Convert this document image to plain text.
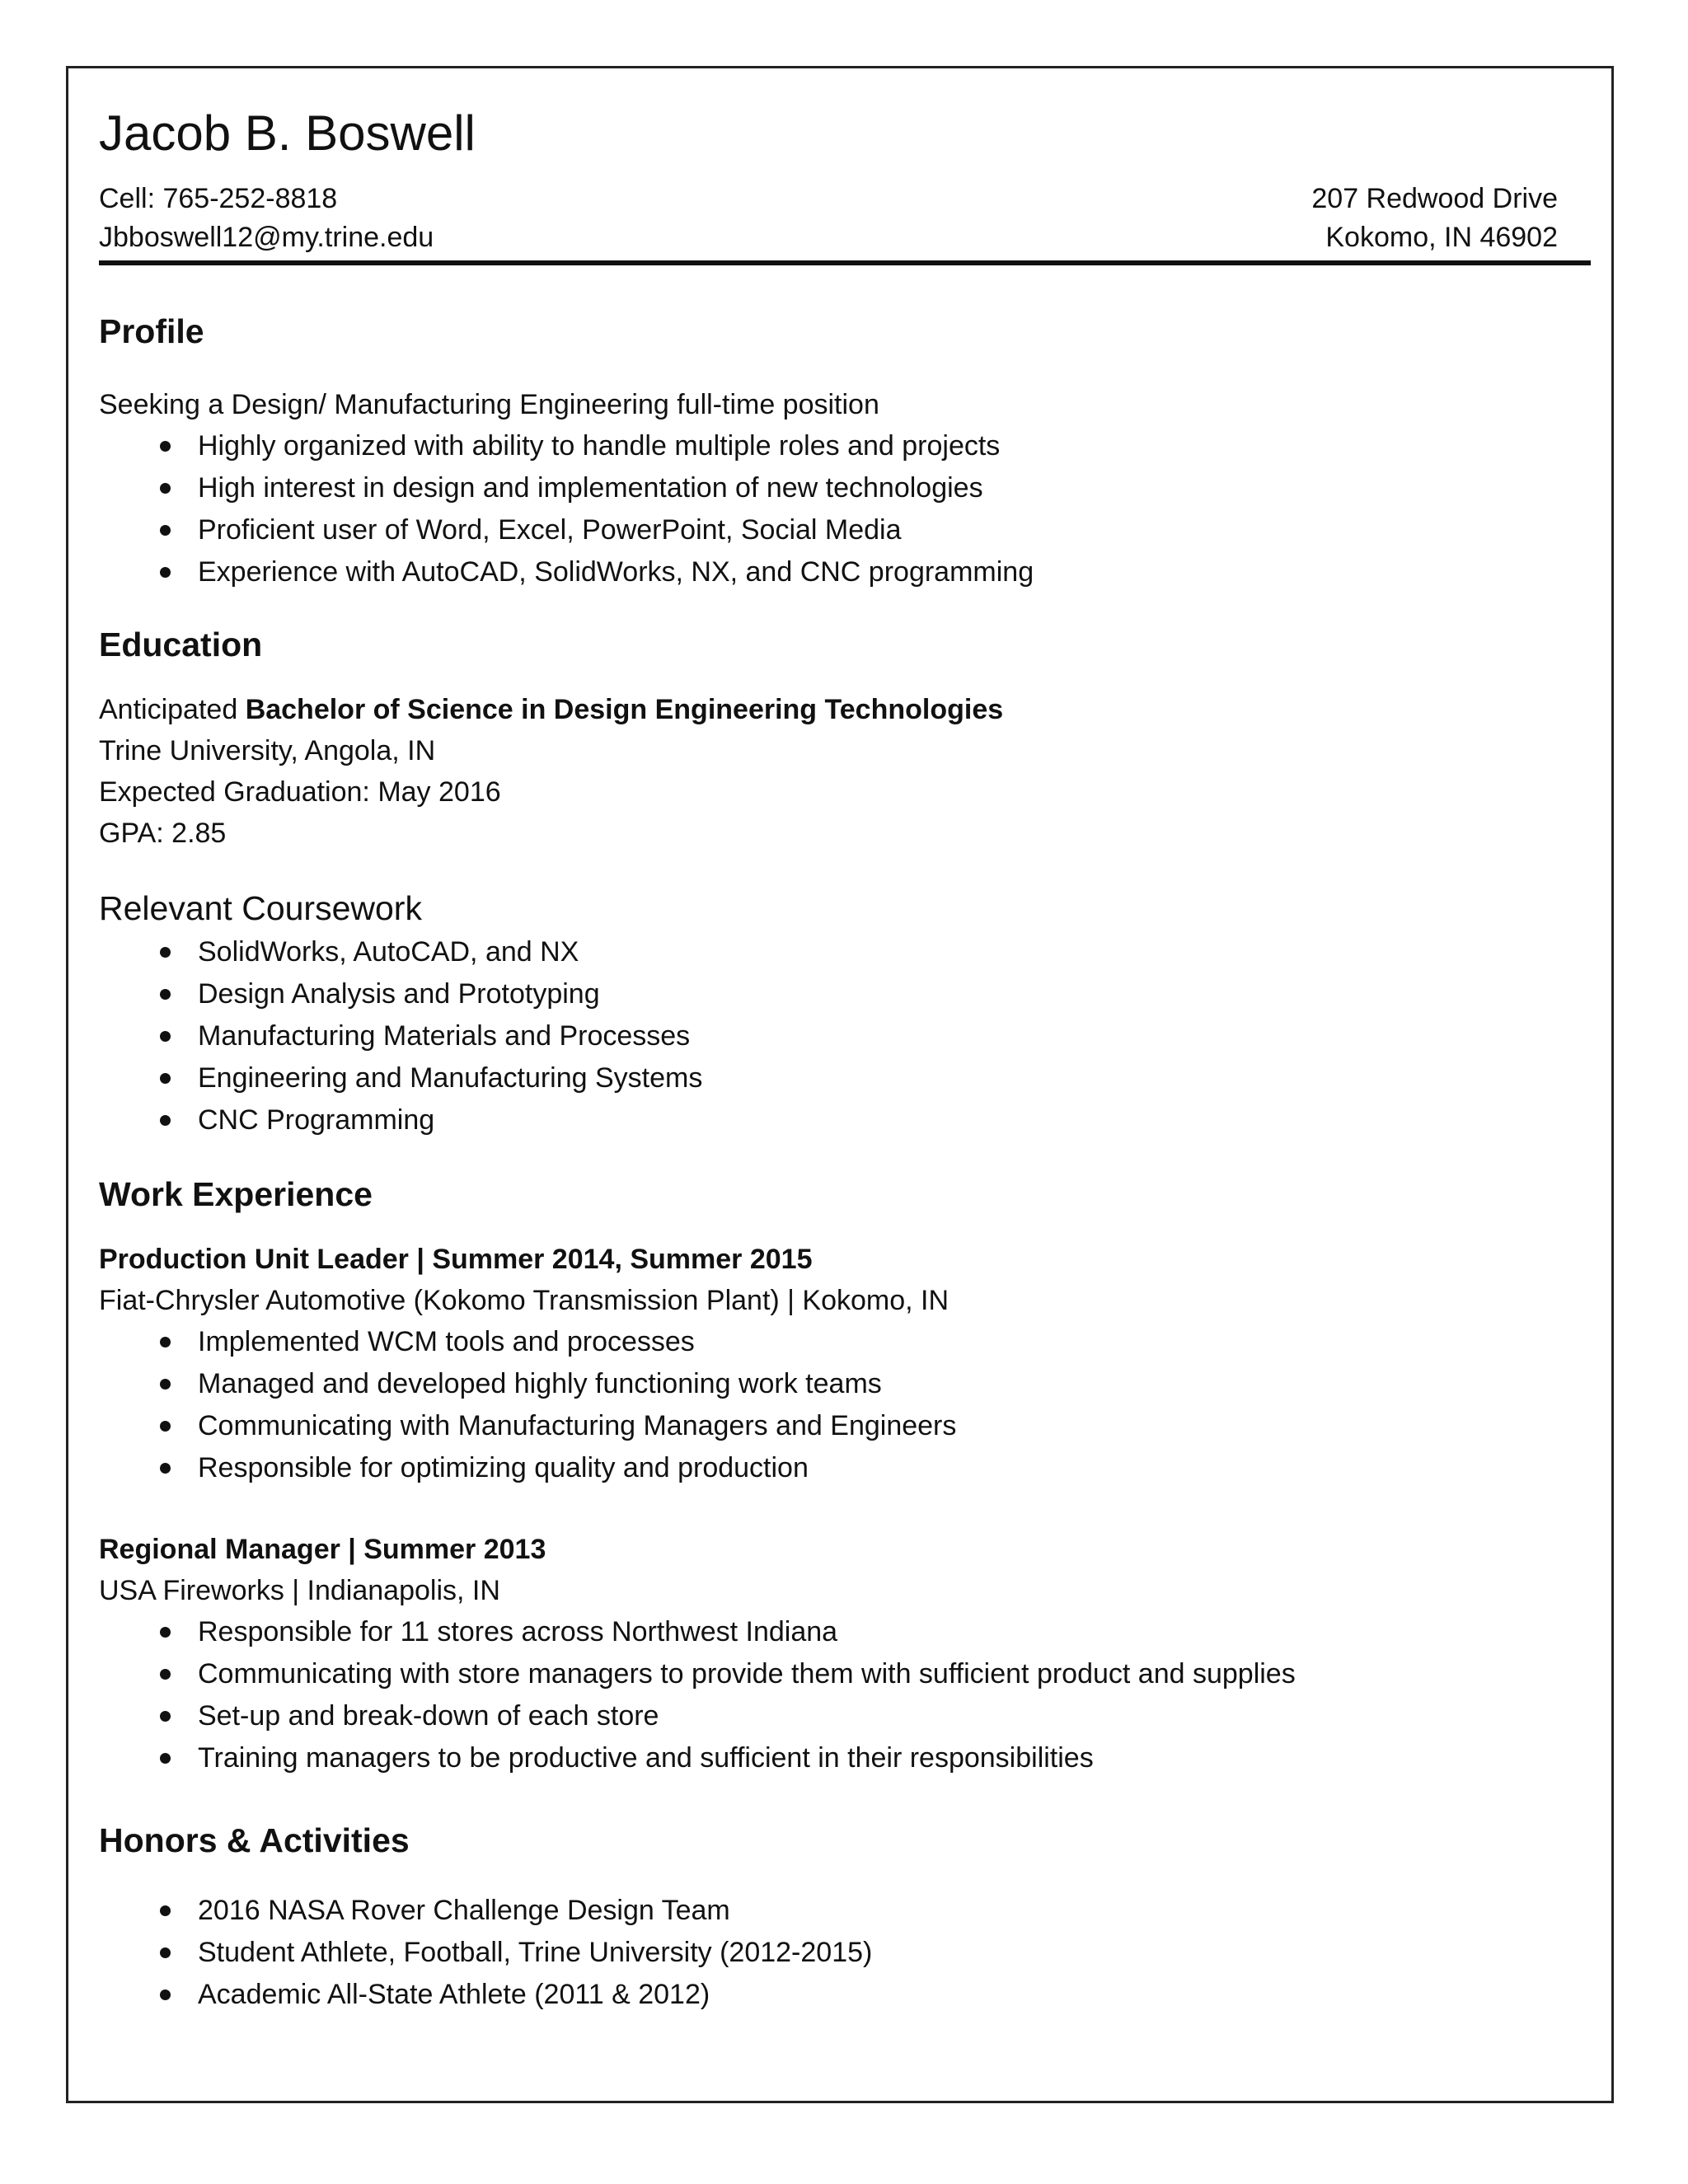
Jacob B. Boswell
Cell: 765-252-8818
Jbboswell12@my.trine.edu
207 Redwood Drive
Kokomo, IN 46902
Profile
Seeking a Design/ Manufacturing Engineering full-time position
Highly organized with ability to handle multiple roles and projects
High interest in design and implementation of new technologies
Proficient user of Word, Excel, PowerPoint, Social Media
Experience with AutoCAD, SolidWorks, NX, and CNC programming
Education
Anticipated Bachelor of Science in Design Engineering Technologies
Trine University, Angola, IN
Expected Graduation: May 2016
GPA: 2.85
Relevant Coursework
SolidWorks, AutoCAD, and NX
Design Analysis and Prototyping
Manufacturing Materials and Processes
Engineering and Manufacturing Systems
CNC Programming
Work Experience
Production Unit Leader | Summer 2014, Summer 2015
Fiat-Chrysler Automotive (Kokomo Transmission Plant) | Kokomo, IN
Implemented WCM tools and processes
Managed and developed highly functioning work teams
Communicating with Manufacturing Managers and Engineers
Responsible for optimizing quality and production
Regional Manager | Summer 2013
USA Fireworks | Indianapolis, IN
Responsible for 11 stores across Northwest Indiana
Communicating with store managers to provide them with sufficient product and supplies
Set-up and break-down of each store
Training managers to be productive and sufficient in their responsibilities
Honors & Activities
2016 NASA Rover Challenge Design Team
Student Athlete, Football, Trine University (2012-2015)
Academic All-State Athlete (2011 & 2012)
